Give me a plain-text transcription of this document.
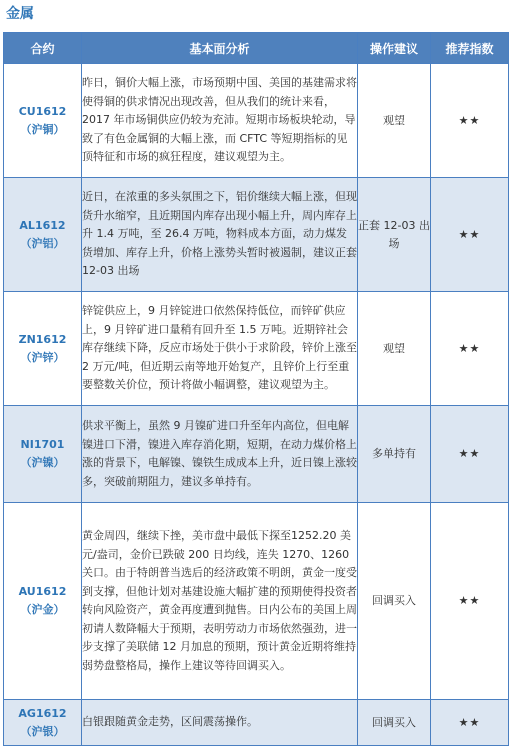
金属
合约	基本面分析	操作建议	推荐指数

CU1612
（沪铜）	昨日，铜价大幅上涨，市场预期中国、美国的基建需求将使得铜的供求情况出现改善，但从我们的统计来看，2017 年市场铜供应仍较为充沛。短期市场板块轮动，导致了有色金属铜的大幅上涨，而 CFTC 等短期指标的见顶特征和市场的疯狂程度，建议观望为主。	观望	★★

AL1612
（沪铝）	近日，在浓重的多头氛围之下，铝价继续大幅上涨，但现货升水缩窄，且近期国内库存出现小幅上升，周内库存上升 1.4 万吨，至 26.4 万吨，物料成本方面，动力煤发货增加、库存上升，价格上涨势头暂时被遏制，建议正套 12-03 出场	正套 12-03 出场	★★

ZN1612
（沪锌）	锌锭供应上，9 月锌锭进口依然保持低位，而锌矿供应上，9 月锌矿进口量稍有回升至 1.5 万吨。近期锌社会库存继续下降，反应市场处于供小于求阶段，锌价上涨至 2 万元/吨，但近期云南等地开始复产，且锌价上行至重要整数关价位，预计将做小幅调整，建议观望为主。	观望	★★

NI1701
（沪镍）	供求平衡上，虽然 9 月镍矿进口升至年内高位，但电解镍进口下滑，镍进入库存消化期，短期，在动力煤价格上涨的背景下，电解镍、镍铁生成成本上升，近日镍上涨较多，突破前期阻力，建议多单持有。	多单持有	★★

AU1612
（沪金）	黄金周四，继续下挫，美市盘中最低下探至1252.20 美元/盎司，金价已跌破 200 日均线，连失 1270、1260 关口。由于特朗普当选后的经济政策不明朗，黄金一度受到支撑，但他计划对基建设施大幅扩建的预期使得投资者转向风险资产，黄金再度遭到抛售。日内公布的美国上周初请人数降幅大于预期，表明劳动力市场依然强劲，进一步支撑了美联储 12 月加息的预期，预计黄金近期将维持弱势盘整格局，操作上建议等待回调买入。	回调买入	★★

AG1612
（沪银）	白银跟随黄金走势，区间震荡操作。	回调买入	★★
